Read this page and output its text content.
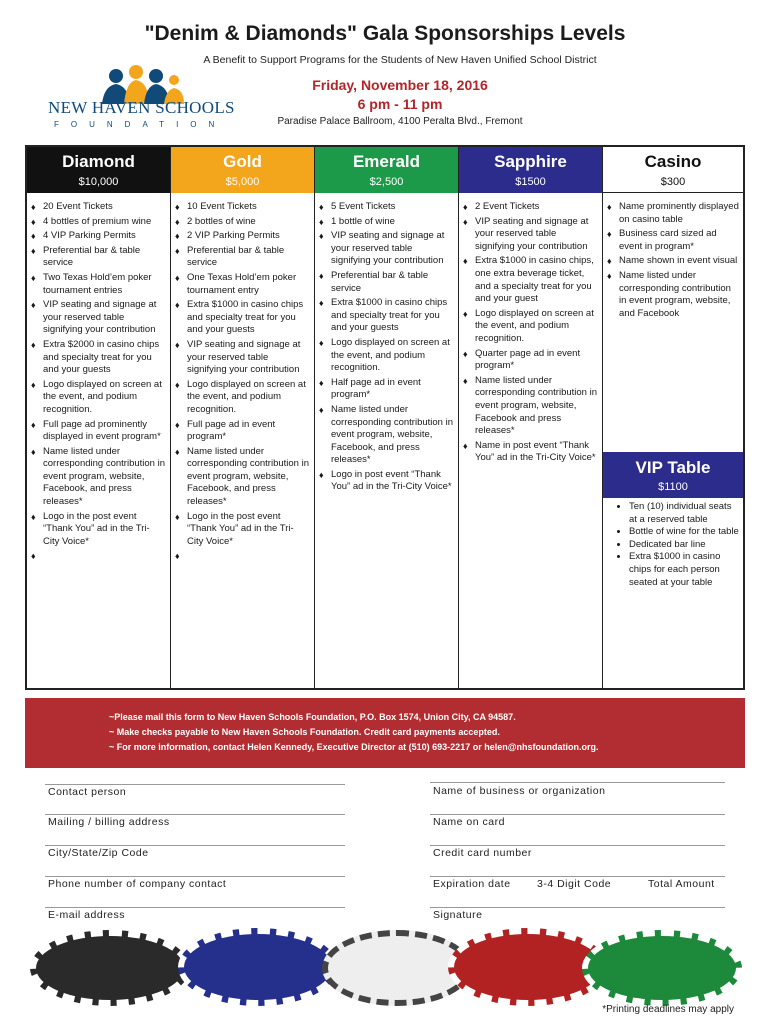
"Denim & Diamonds" Gala Sponsorships Levels
A Benefit to Support Programs for the Students of New Haven Unified School District
NEW HAVEN SCHOOLS
FOUNDATION
Friday, November 18, 2016
6 pm - 11 pm
Paradise Palace Ballroom, 4100 Peralta Blvd., Fremont
Diamond
$10,000
♦ 20 Event Tickets
♦ 4 bottles of premium wine
♦ 4 VIP Parking Permits
♦ Preferential bar & table service
♦ Two Texas Hold’em poker tournament entries
♦ VIP seating and signage at your reserved table signifying your contribution
♦ Extra $2000 in casino chips and specialty treat for you and your guests
♦ Logo displayed on screen at the event, and podium recognition.
♦ Full page ad prominently displayed in event program*
♦ Name listed under corresponding contribution in event program, website, Facebook, and press releases*
♦ Logo in the post event “Thank You” ad in the Tri-City Voice*
Gold
$5,000
♦ 10 Event Tickets
♦ 2 bottles of wine
♦ 2 VIP Parking Permits
♦ Preferential bar & table service
♦ One Texas Hold’em poker tournament entry
♦ Extra $1000 in casino chips and specialty treat for you and your guests
♦ VIP seating and signage at your reserved table signifying your contribution
♦ Logo displayed on screen at the event, and podium recognition.
♦ Full page ad in event program*
♦ Name listed under corresponding contribution in event program, website, Facebook, and press releases*
♦ Logo in the post event “Thank You” ad in the Tri-City Voice*
Emerald
$2,500
♦ 5 Event Tickets
♦ 1 bottle of wine
♦ VIP seating and signage at your reserved table signifying your contribution
♦ Preferential bar & table service
♦ Extra $1000 in casino chips and specialty treat for you and your guests
♦ Logo displayed on screen at the event, and podium recognition.
♦ Half page ad in event program*
♦ Name listed under corresponding contribution in event program, website, Facebook, and press releases*
♦ Logo in post event “Thank You” ad in the Tri-City Voice*
Sapphire
$1500
♦ 2 Event Tickets
♦ VIP seating and signage at your reserved table signifying your contribution
♦ Extra $1000 in casino chips, one extra beverage ticket, and a specialty treat for you and your guest
♦ Logo displayed on screen at the event, and podium recognition.
♦ Quarter page ad in event program*
♦ Name listed under corresponding contribution in event program, website, Facebook and press releases*
♦ Name in post event “Thank You” ad in the Tri-City Voice*
Casino
$300
♦ Name prominently displayed on casino table
♦ Business card sized ad event in program*
♦ Name shown in event visual
♦ Name listed under corresponding contribution in event program, website, and Facebook
VIP Table
$1100
• Ten (10) individual seats at a reserved table
• Bottle of wine for the table
• Dedicated bar line
• Extra $1000 in casino chips for each person seated at your table

~Please mail this form to New Haven Schools Foundation, P.O. Box 1574, Union City, CA 94587.

~ Make checks payable to New Haven Schools Foundation. Credit card payments accepted.

~ For more information, contact Helen Kennedy, Executive Director at (510) 693-2217 or helen@nhsfoundation.org.

Contact person
Mailing / billing address
City/State/Zip Code
Phone number of company contact
E-mail address
Name of business or organization
Name on card
Credit card number
Expiration date	3-4 Digit Code	Total Amount
Signature
*Printing deadlines may apply
